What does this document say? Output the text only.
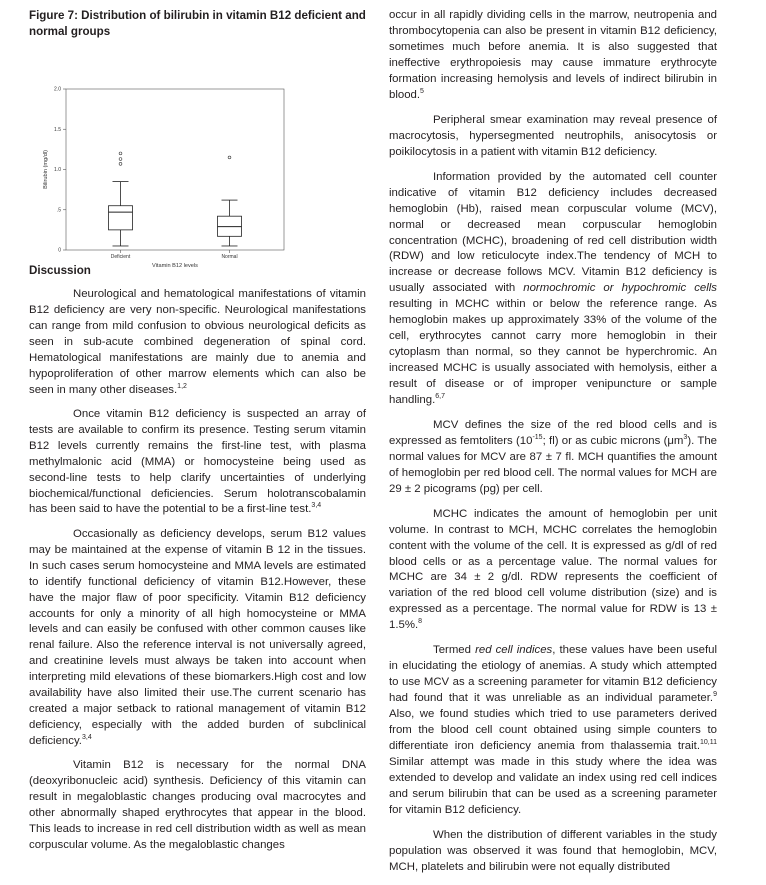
Figure 7: Distribution of bilirubin in vitamin B12 deficient and normal groups

2.0
1.5
1.0
.5
0
Bilirubin (mg/dl)
Vitamin B12 levels
Deficient	Normal
Discussion

Neurological and hematological manifestations of vitamin B12 deficiency are very non-specific. Neurological manifestations can range from mild confusion to obvious neurological deficits as seen in sub-acute combined degeneration of spinal cord. Hematological manifestations are mainly due to anemia and hypoproliferation of other marrow elements which can also be seen in many other diseases.$^{1,2}$

Once vitamin B12 deficiency is suspected an array of tests are available to confirm its presence. Testing serum vitamin B12 levels currently remains the first-line test, with plasma methylmalonic acid (MMA) or homocysteine being used as second-line tests to help clarify uncertainties of underlying biochemical/functional deficiencies. Serum holotranscobalamin has been said to have the potential to be a first-line test.$^{3,4}$

Occasionally as deficiency develops, serum B12 values may be maintained at the expense of vitamin B 12 in the tissues. In such cases serum homocysteine and MMA levels are estimated to identify functional deficiency of vitamin B12.However, these have the major flaw of poor specificity. Vitamin B12 deficiency accounts for only a minority of all high homocysteine or MMA levels and can easily be confused with other common causes like renal failure. Also the reference interval is not universally agreed, and creatinine levels must always be taken into account when interpreting mild elevations of these biomarkers.High cost and low availability have also limited their use.The current scenario has created a major setback to rational management of vitamin B12 deficiency, especially with the added burden of subclinical deficiency.$^{3,4}$

Vitamin B12 is necessary for the normal DNA (deoxyribonucleic acid) synthesis. Deficiency of this vitamin can result in megaloblastic changes producing oval macrocytes and other abnormally shaped erythrocytes that appear in the blood. This leads to increase in red cell distribution width as well as mean corpuscular volume. As the megaloblastic changes

occur in all rapidly dividing cells in the marrow, neutropenia and thrombocytopenia can also be present in vitamin B12 deficiency, sometimes much before anemia. It is also suggested that ineffective erythropoiesis may cause immature erythrocyte formation increasing hemolysis and levels of indirect bilirubin in blood.$^5$

Peripheral smear examination may reveal presence of macrocytosis, hypersegmented neutrophils, anisocytosis or poikilocytosis in a patient with vitamin B12 deficiency.

Information provided by the automated cell counter indicative of vitamin B12 deficiency includes decreased hemoglobin (Hb), raised mean corpuscular volume (MCV), normal or decreased mean corpuscular hemoglobin concentration (MCHC), broadening of red cell distribution width (RDW) and low reticulocyte index.The tendency of MCH to increase or decrease follows MCV. Vitamin B12 deficiency is usually associated with normochromic or hypochromic cells resulting in MCHC within or below the reference range. As hemoglobin makes up approximately 33% of the volume of the cell, erythrocytes cannot carry more hemoglobin in their cytoplasm than normal, so they cannot be hyperchromic. An increased MCHC is usually associated with hemolysis, either a result of disease or of improper venipuncture or sample handling.$^{6,7}$

MCV defines the size of the red blood cells and is expressed as femtoliters ($10^{-15}$; fl) or as cubic microns $(\mu m^3)$. The normal values for MCV are 87 ± 7 fl. MCH quantifies the amount of hemoglobin per red blood cell. The normal values for MCH are 29 ± 2 picograms (pg) per cell.

MCHC indicates the amount of hemoglobin per unit volume. In contrast to MCH, MCHC correlates the hemoglobin content with the volume of the cell. It is expressed as g/dl of red blood cells or as a percentage value. The normal values for MCHC are 34 ± 2 g/dl. RDW represents the coefficient of variation of the red blood cell volume distribution (size) and is expressed as a percentage. The normal value for RDW is 13 ± 1.5%.$^8$

Termed red cell indices, these values have been useful in elucidating the etiology of anemias. A study which attempted to use MCV as a screening parameter for vitamin B12 deficiency had found that it was unreliable as an individual parameter.$^9$ Also, we found studies which tried to use parameters derived from the blood cell count obtained using simple counters to differentiate iron deficiency anemia from thalassemia trait.$^{10,11}$ Similar attempt was made in this study where the idea was extended to develop and validate an index using red cell indices and serum bilirubin that can be used as a screening parameter for vitamin B12 deficiency.

When the distribution of different variables in the study population was observed it was found that hemoglobin, MCV, MCH, platelets and bilirubin were not equally distributed
